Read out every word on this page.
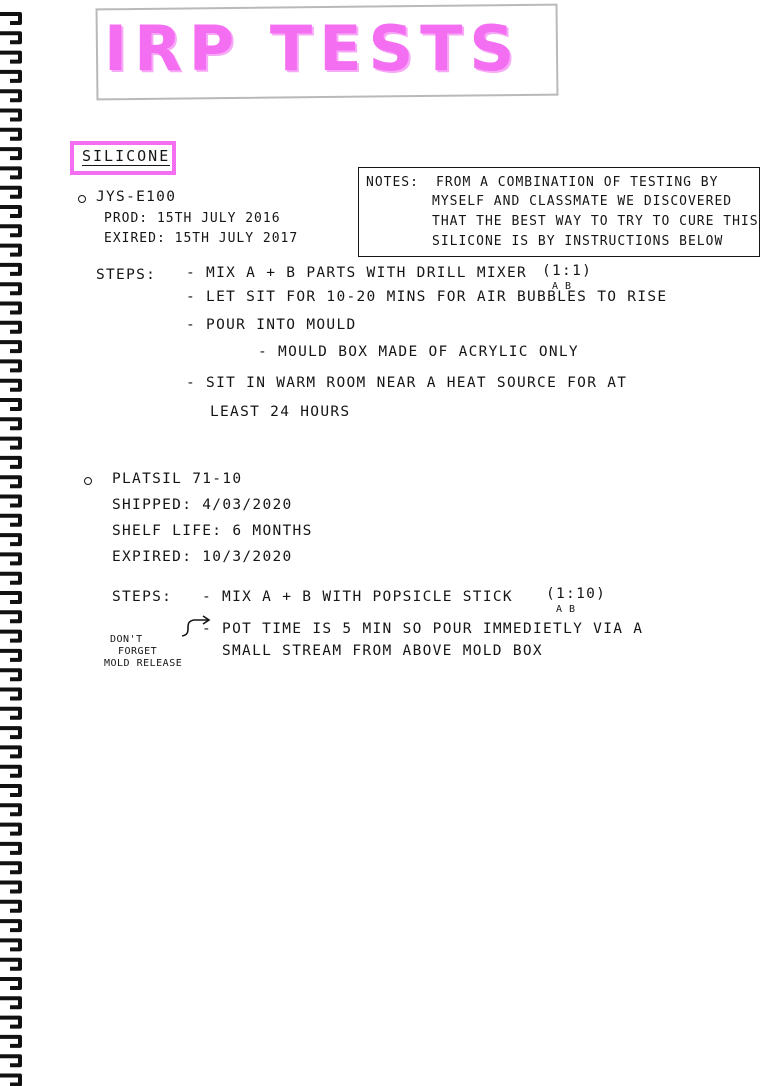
IRP TESTS
SILICONE
NOTES: FROM A COMBINATION OF TESTING BY
MYSELF AND CLASSMATE WE DISCOVERED
THAT THE BEST WAY TO TRY TO CURE THIS
SILICONE IS BY INSTRUCTIONS BELOW
JYS-E100
PROD: 15TH JULY 2016
EXIRED: 15TH JULY 2017
STEPS: - MIX A + B PARTS WITH DRILL MIXER (1:1)
A B
- LET SIT FOR 10-20 MINS FOR AIR BUBBLES TO RISE
- POUR INTO MOULD
- MOULD BOX MADE OF ACRYLIC ONLY
- SIT IN WARM ROOM NEAR A HEAT SOURCE FOR AT
LEAST 24 HOURS
PLATSIL 71-10
SHIPPED: 4/03/2020
SHELF LIFE: 6 MONTHS
EXPIRED: 10/3/2020
STEPS: - MIX A + B WITH POPSICLE STICK (1:10)
A B
- POT TIME IS 5 MIN SO POUR IMMEDIETLY VIA A
SMALL STREAM FROM ABOVE MOLD BOX
DON'T
FORGET
MOLD RELEASE
